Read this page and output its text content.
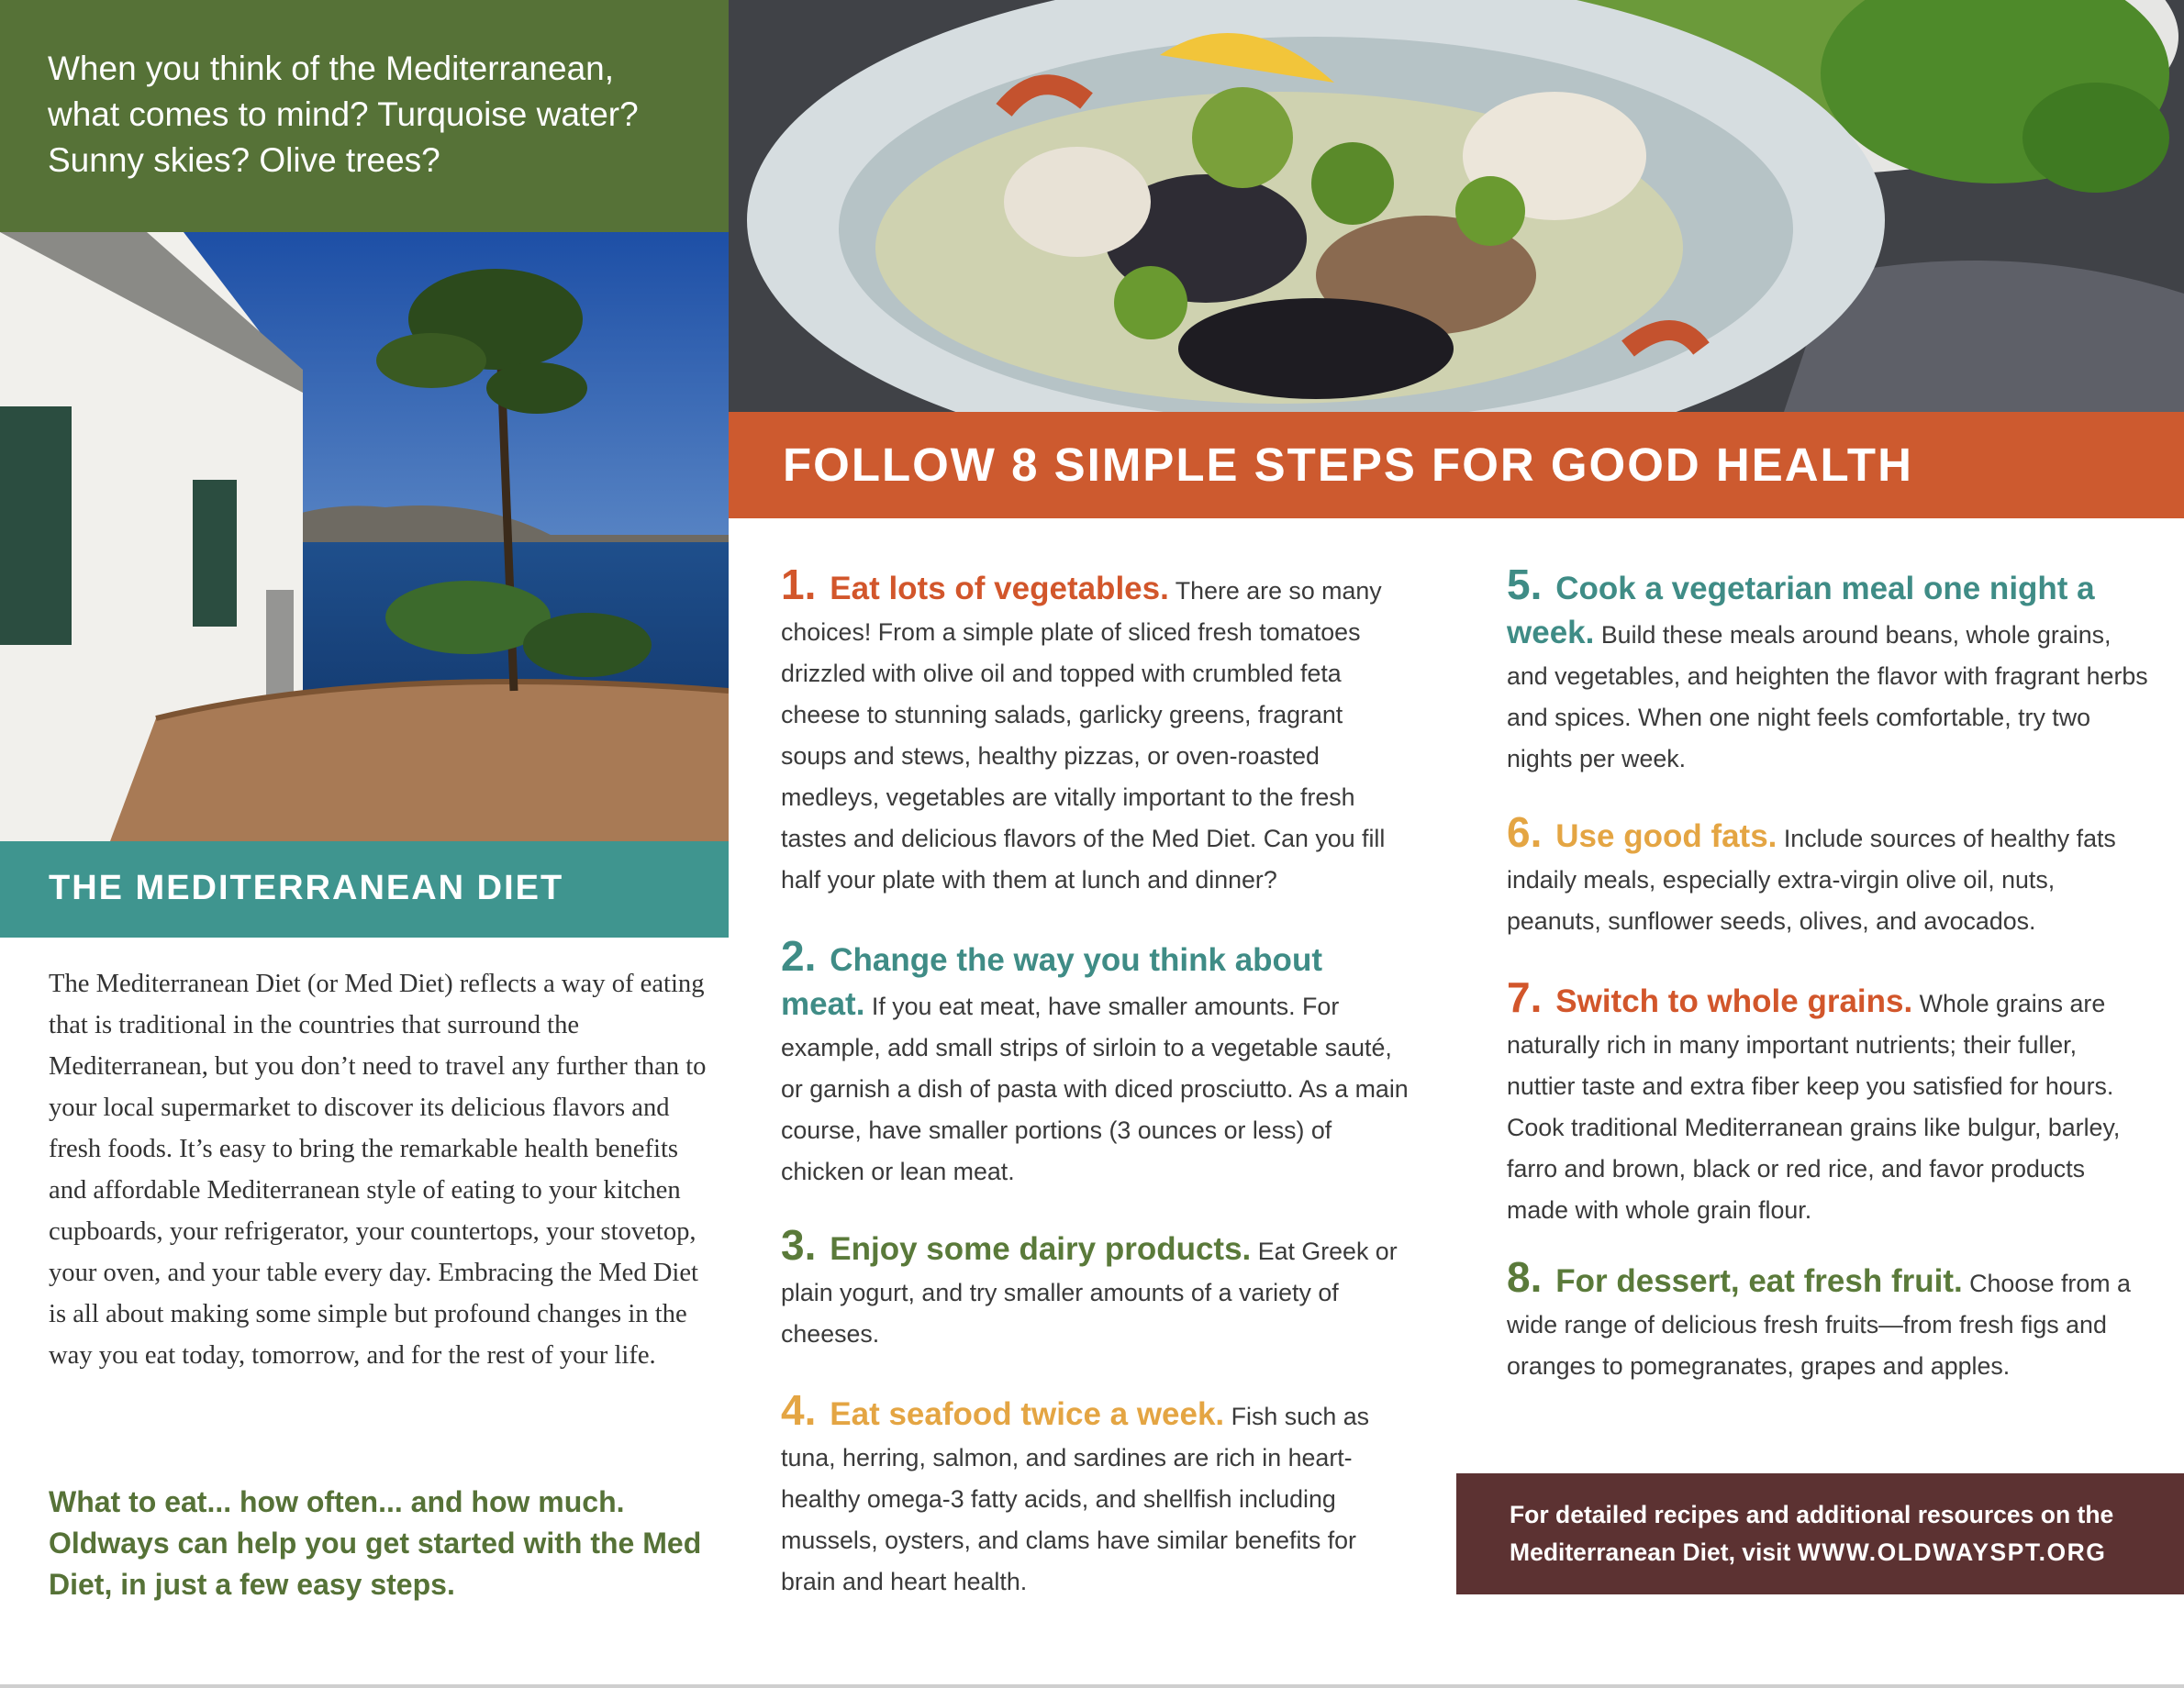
When you think of the Mediterranean, what comes to mind? Turquoise water? Sunny skies? Olive trees?

THE MEDITERRANEAN DIET

The Mediterranean Diet (or Med Diet) reflects a way of eating that is traditional in the countries that surround the Mediterranean, but you don’t need to travel any further than to your local supermarket to discover its delicious flavors and fresh foods. It’s easy to bring the remarkable health benefits and affordable Mediterranean style of eating to your kitchen cupboards, your refrigerator, your countertops, your stovetop, your oven, and your table every day. Embracing the Med Diet is all about making some simple but profound changes in the way you eat today, tomorrow, and for the rest of your life.

What to eat... how often... and how much. Oldways can help you get started with the Med Diet, in just a few easy steps.

FOLLOW 8 SIMPLE STEPS FOR GOOD HEALTH

1. Eat lots of vegetables. There are so many choices! From a simple plate of sliced fresh tomatoes drizzled with olive oil and topped with crumbled feta cheese to stunning salads, garlicky greens, fragrant soups and stews, healthy pizzas, or oven-roasted medleys, vegetables are vitally important to the fresh tastes and delicious flavors of the Med Diet. Can you fill half your plate with them at lunch and dinner?

2. Change the way you think about meat. If you eat meat, have smaller amounts. For example, add small strips of sirloin to a vegetable sauté, or garnish a dish of pasta with diced prosciutto. As a main course, have smaller portions (3 ounces or less) of chicken or lean meat.

3. Enjoy some dairy products. Eat Greek or plain yogurt, and try smaller amounts of a variety of cheeses.

4. Eat seafood twice a week. Fish such as tuna, herring, salmon, and sardines are rich in heart-healthy omega-3 fatty acids, and shellfish including mussels, oysters, and clams have similar benefits for brain and heart health.

5. Cook a vegetarian meal one night a week. Build these meals around beans, whole grains, and vegetables, and heighten the flavor with fragrant herbs and spices. When one night feels comfortable, try two nights per week.

6. Use good fats. Include sources of healthy fats indaily meals, especially extra-virgin olive oil, nuts, peanuts, sunflower seeds, olives, and avocados.

7. Switch to whole grains. Whole grains are naturally rich in many important nutrients; their fuller, nuttier taste and extra fiber keep you satisfied for hours. Cook traditional Mediterranean grains like bulgur, barley, farro and brown, black or red rice, and favor products made with whole grain flour.

8. For dessert, eat fresh fruit. Choose from a wide range of delicious fresh fruits—from fresh figs and oranges to pomegranates, grapes and apples.

For detailed recipes and additional resources on the Mediterranean Diet, visit WWW.OLDWAYSPT.ORG
